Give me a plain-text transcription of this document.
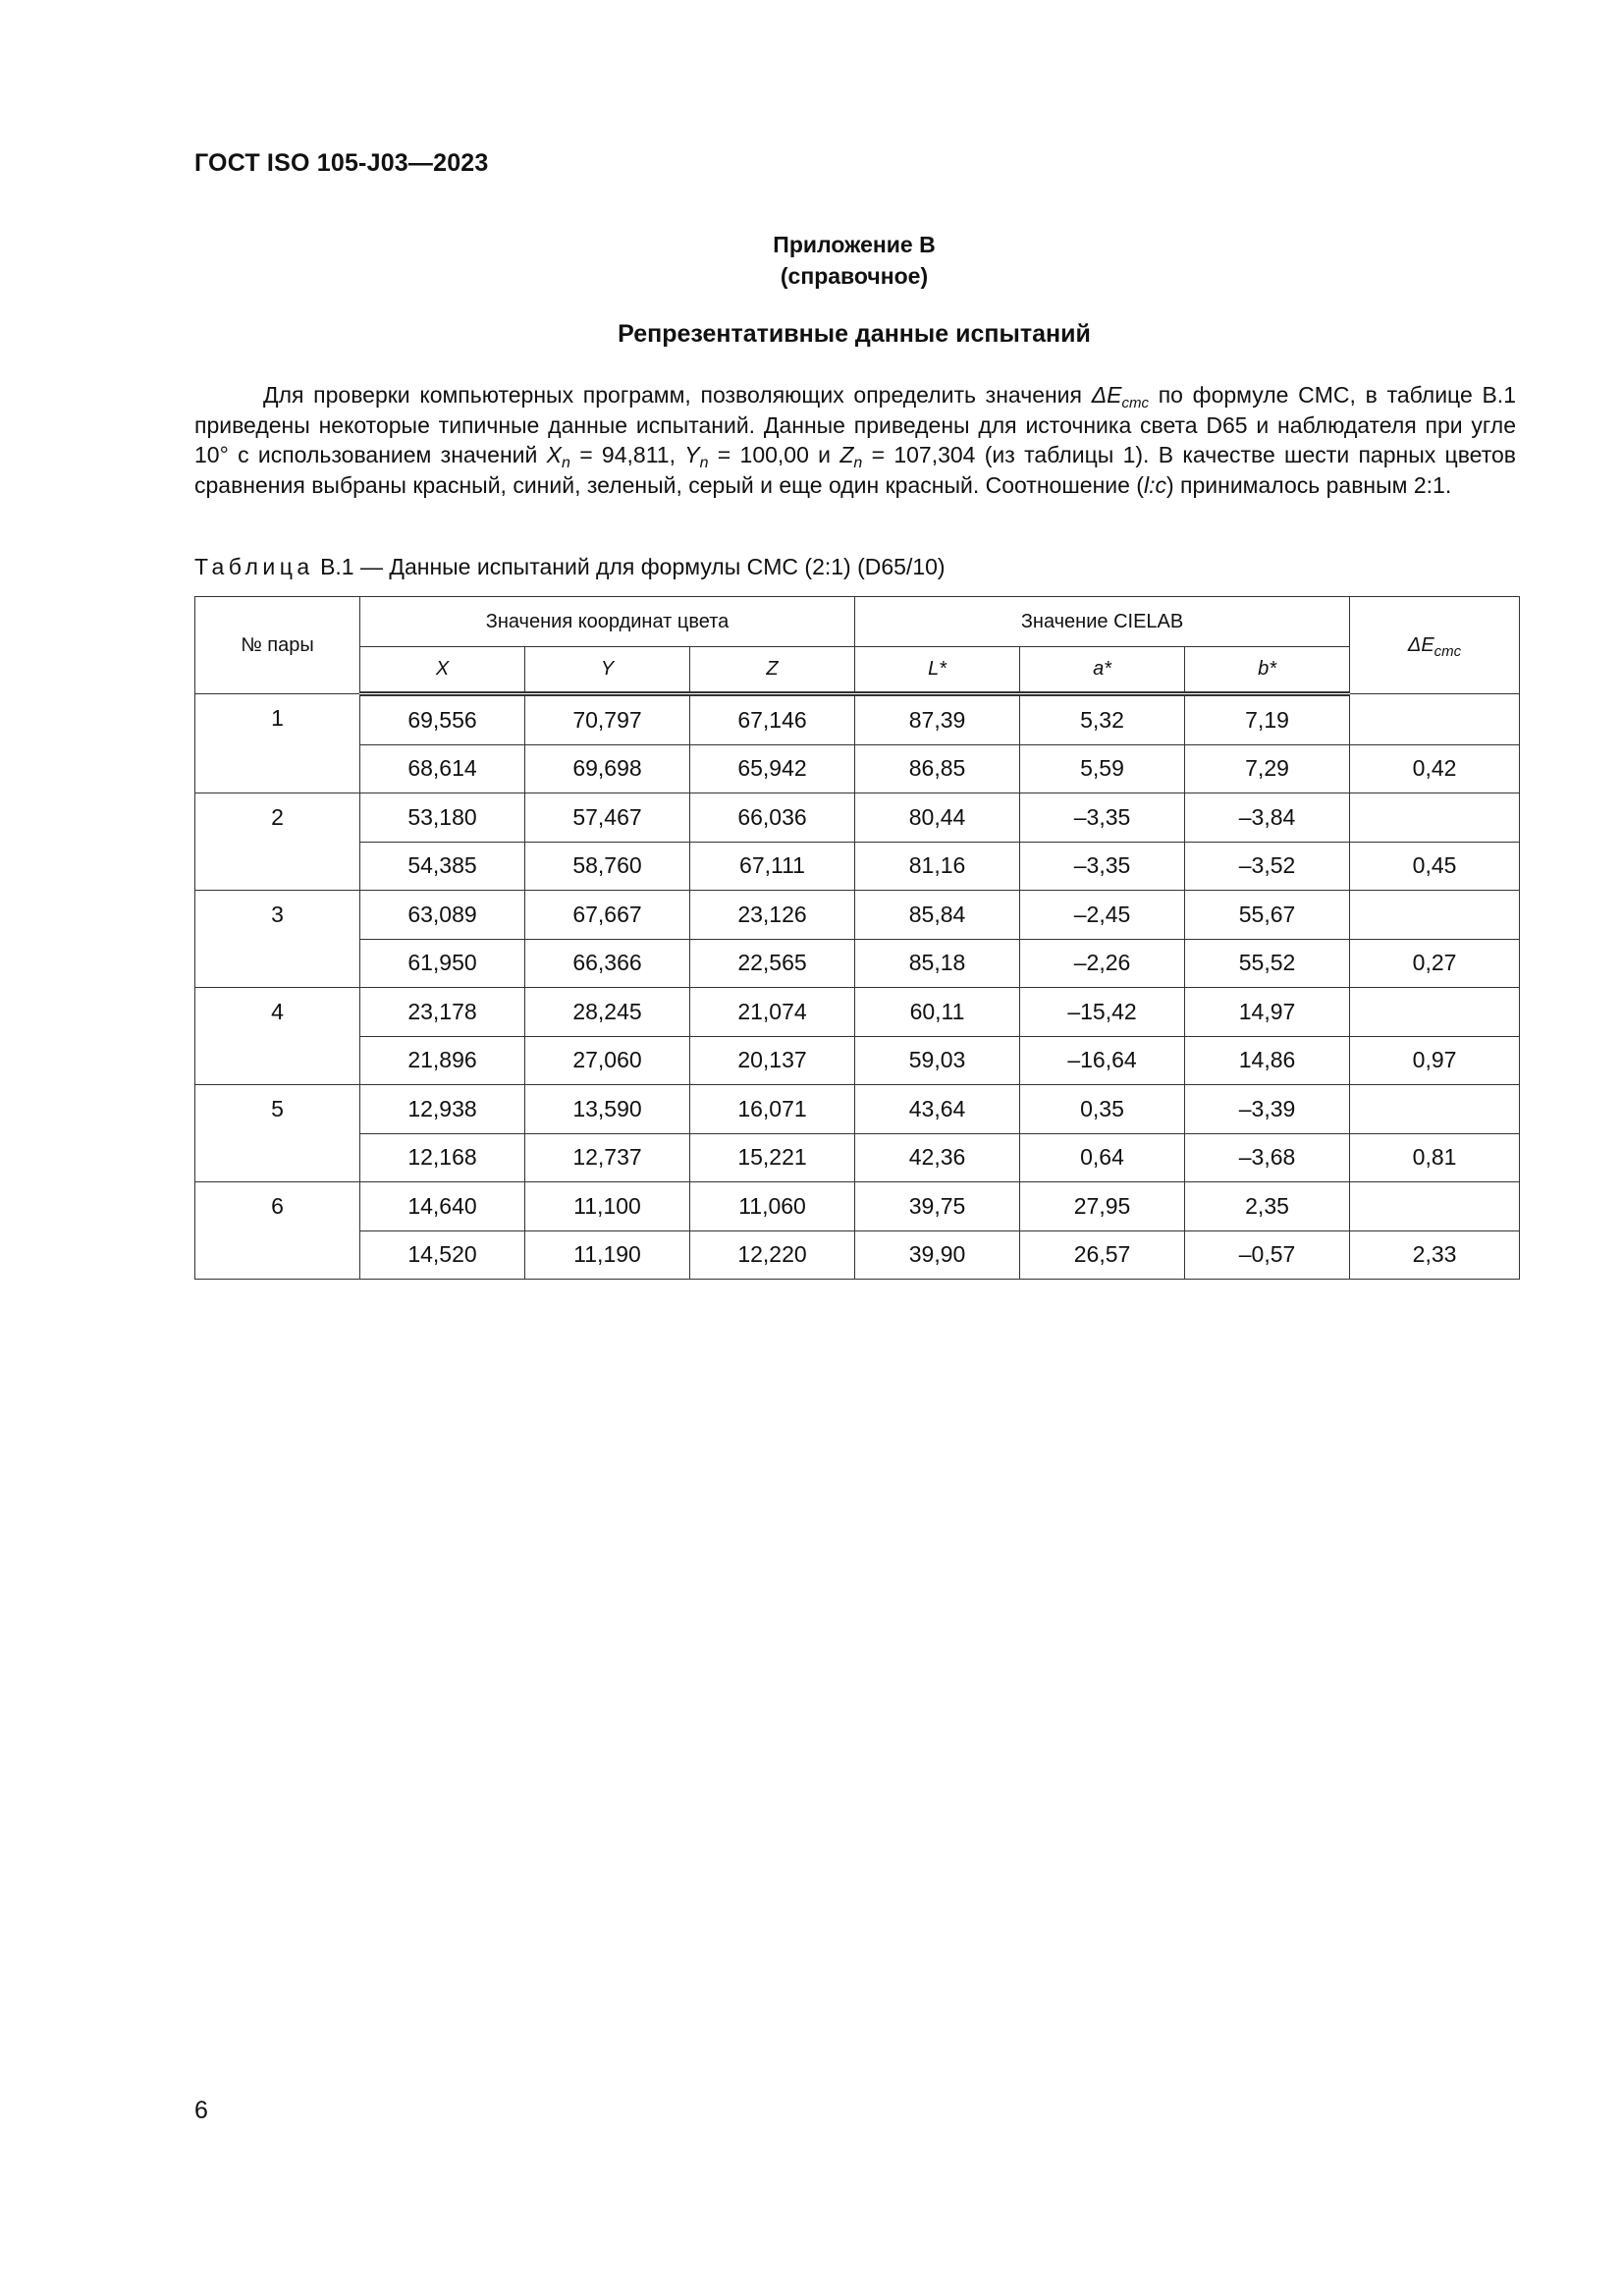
ГОСТ ISO 105-J03—2023
Приложение В
(справочное)
Репрезентативные данные испытаний
Для проверки компьютерных программ, позволяющих определить значения $\Delta E_{cmc}$ по формуле CMC, в таблице В.1 приведены некоторые типичные данные испытаний. Данные приведены для источника света D65 и наблюдателя при угле 10° с использованием значений $X_n = 94,811$, $Y_n = 100,00$ и $Z_n = 107,304$ (из таблицы 1). В качестве шести парных цветов сравнения выбраны красный, синий, зеленый, серый и еще один красный. Соотношение (l:c) принималось равным 2:1.
Таблица В.1 — Данные испытаний для формулы CMC (2:1) (D65/10)
№ пары	Значения координат цвета			Значение CIELAB			$\Delta E_{cmc}$
	X	Y	Z	L*	a*	b*	
1	69,556	70,797	67,146	87,39	5,32	7,19	
	68,614	69,698	65,942	86,85	5,59	7,29	0,42
2	53,180	57,467	66,036	80,44	–3,35	–3,84	
	54,385	58,760	67,111	81,16	–3,35	–3,52	0,45
3	63,089	67,667	23,126	85,84	–2,45	55,67	
	61,950	66,366	22,565	85,18	–2,26	55,52	0,27
4	23,178	28,245	21,074	60,11	–15,42	14,97	
	21,896	27,060	20,137	59,03	–16,64	14,86	0,97
5	12,938	13,590	16,071	43,64	0,35	–3,39	
	12,168	12,737	15,221	42,36	0,64	–3,68	0,81
6	14,640	11,100	11,060	39,75	27,95	2,35	
	14,520	11,190	12,220	39,90	26,57	–0,57	2,33
6
